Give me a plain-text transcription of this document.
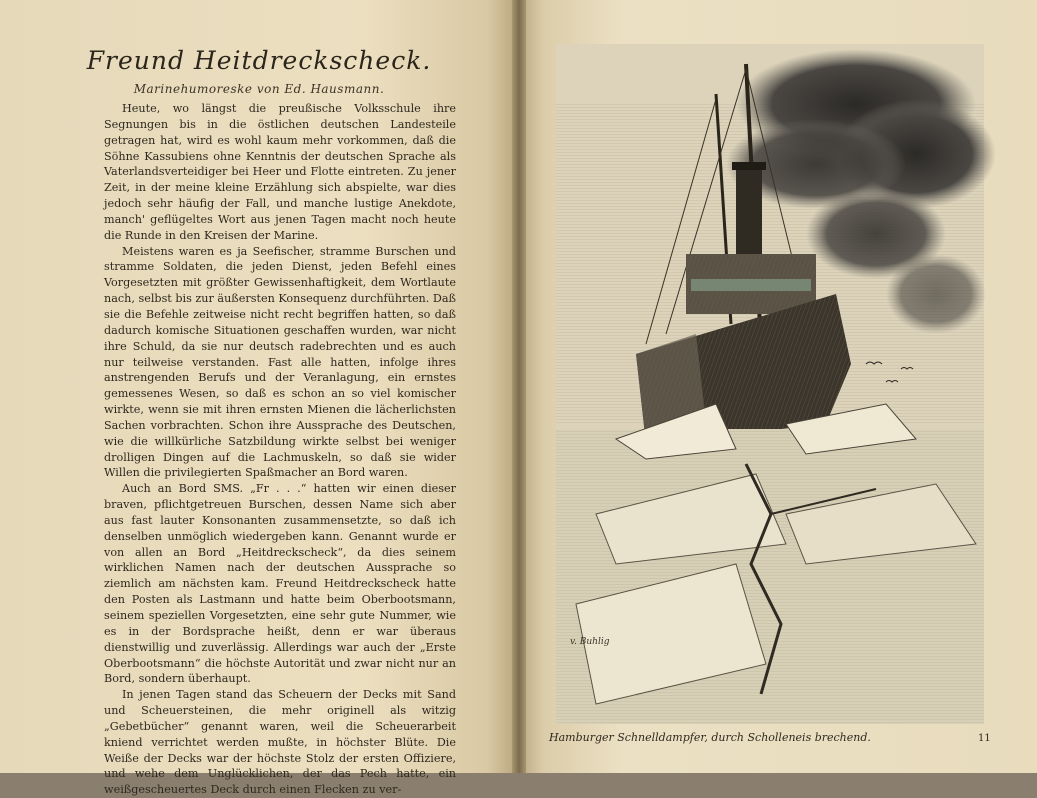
Freund Heitdreckscheck.
Marinehumoreske von Ed. Hausmann.

Heute, wo längst die preußische Volksschule ihre Segnungen bis in die östlichen deutschen Landesteile getragen hat, wird es wohl kaum mehr vorkommen, daß die Söhne Kassubiens ohne Kenntnis der deutschen Sprache als Vaterlandsverteidiger bei Heer und Flotte eintreten. Zu jener Zeit, in der meine kleine Erzählung sich abspielte, war dies jedoch sehr häufig der Fall, und manche lustige Anekdote, manch' geflügeltes Wort aus jenen Tagen macht noch heute die Runde in den Kreisen der Marine.

Meistens waren es ja Seefischer, stramme Burschen und stramme Soldaten, die jeden Dienst, jeden Befehl eines Vorgesetzten mit größter Gewissenhaftigkeit, dem Wortlaute nach, selbst bis zur äußersten Konsequenz durchführten. Daß sie die Befehle zeitweise nicht recht begriffen hatten, so daß dadurch komische Situationen geschaffen wurden, war nicht ihre Schuld, da sie nur deutsch radebrechten und es auch nur teilweise verstanden. Fast alle hatten, infolge ihres anstrengenden Berufs und der Veranlagung, ein ernstes gemessenes Wesen, so daß es schon an so viel komischer wirkte, wenn sie mit ihren ernsten Mienen die lächerlichsten Sachen vorbrachten. Schon ihre Aussprache des Deutschen, wie die willkürliche Satzbildung wirkte selbst bei weniger drolligen Dingen auf die Lachmuskeln, so daß sie wider Willen die privilegierten Spaßmacher an Bord waren.

Auch an Bord SMS. „Fr . . .“ hatten wir einen dieser braven, pflichtgetreuen Burschen, dessen Name sich aber aus fast lauter Konsonanten zusammensetzte, so daß ich denselben unmöglich wiedergeben kann. Genannt wurde er von allen an Bord „Heitdreckscheck“, da dies seinem wirklichen Namen nach der deutschen Aussprache so ziemlich am nächsten kam. Freund Heitdreckscheck hatte den Posten als Lastmann und hatte beim Oberbootsmann, seinem speziellen Vorgesetzten, eine sehr gute Nummer, wie es in der Bordsprache heißt, denn er war überaus dienstwillig und zuverlässig. Allerdings war auch der „Erste Oberbootsmann“ die höchste Autorität und zwar nicht nur an Bord, sondern überhaupt.

In jenen Tagen stand das Scheuern der Decks mit Sand und Scheuersteinen, die mehr originell als witzig „Gebetbücher“ genannt waren, weil die Scheuerarbeit kniend verrichtet werden mußte, in höchster Blüte. Die Weiße der Decks war der höchste Stolz der ersten Offiziere, und wehe dem Unglücklichen, der das Pech hatte, ein weißgescheuertes Deck durch einen Flecken zu ver-

v. Buhlig
Hamburger Schnelldampfer, durch Scholleneis brechend.	11
